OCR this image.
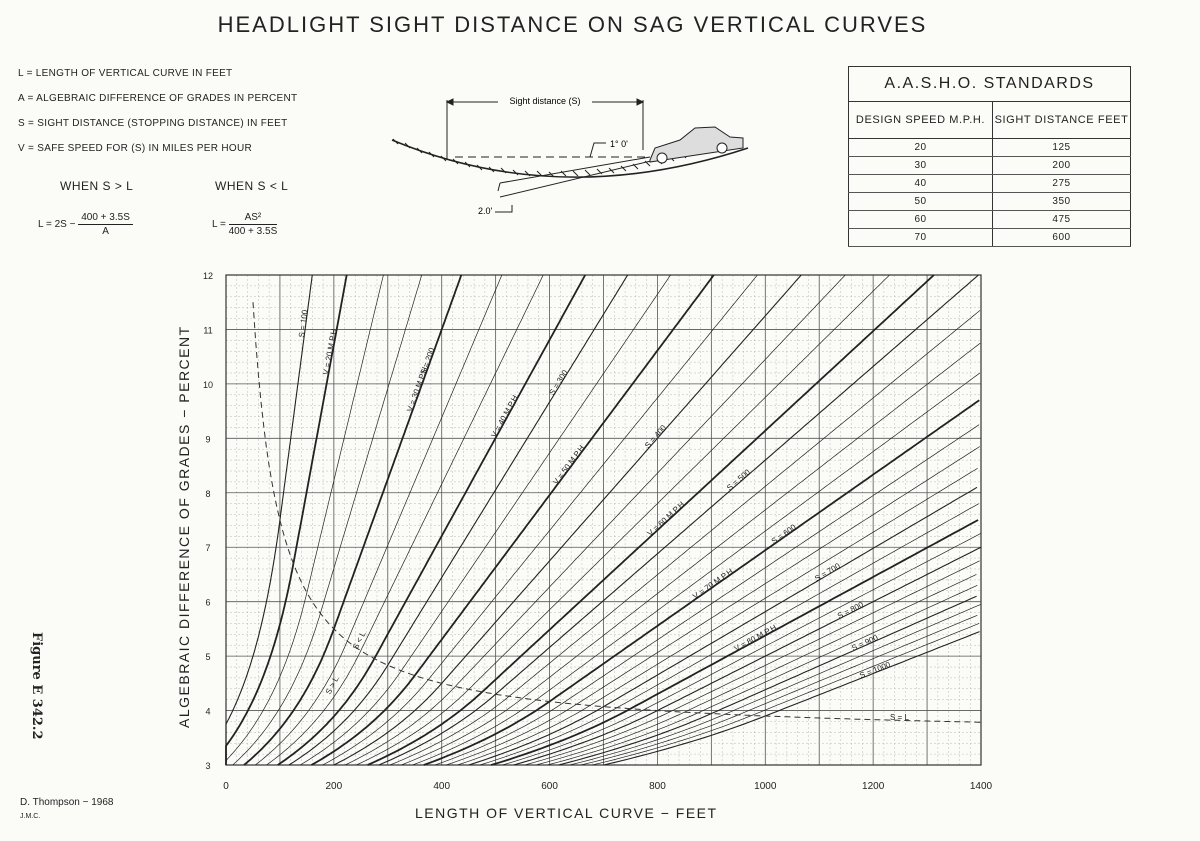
HEADLIGHT SIGHT DISTANCE ON SAG VERTICAL CURVES
L = LENGTH OF VERTICAL CURVE IN FEET
A = ALGEBRAIC DIFFERENCE OF GRADES IN PERCENT
S = SIGHT DISTANCE (STOPPING DISTANCE) IN FEET
V = SAFE SPEED FOR (S) IN MILES PER HOUR
WHEN S > L	WHEN S < L
$L = 2S - \frac{400 + 3.5S}{A}$	$L = \frac{\text{AS²}}{400 + 3.5S}$
A.A.S.H.O. STANDARDS	
DESIGN SPEED M.P.H.	SIGHT DISTANCE FEET
20	125
30	200
40	275
50	350
60	475
70	600
Sight distance (S)
1° 0'
2.0'
0	200	400	600	800	1000	1200	1400
3
4
5
6
7
8
9
10
11
12
S = 100
S = 200
S = 300
S = 400
S = 500
S = 600
S = 700
S = 800
S = 900
S = 1000
V = 20 M.P.H.
V = 30 M.P.H.
V = 40 M.P.H.
V = 50 M.P.H.
V = 60 M.P.H.
V = 70 M.P.H.
V = 80 M.P.H.
S > L
S < L
S = L
ALGEBRAIC DIFFERENCE OF GRADES − PERCENT
LENGTH OF VERTICAL CURVE − FEET
Figure E 342.2
D. Thompson − 1968
J.M.C.
